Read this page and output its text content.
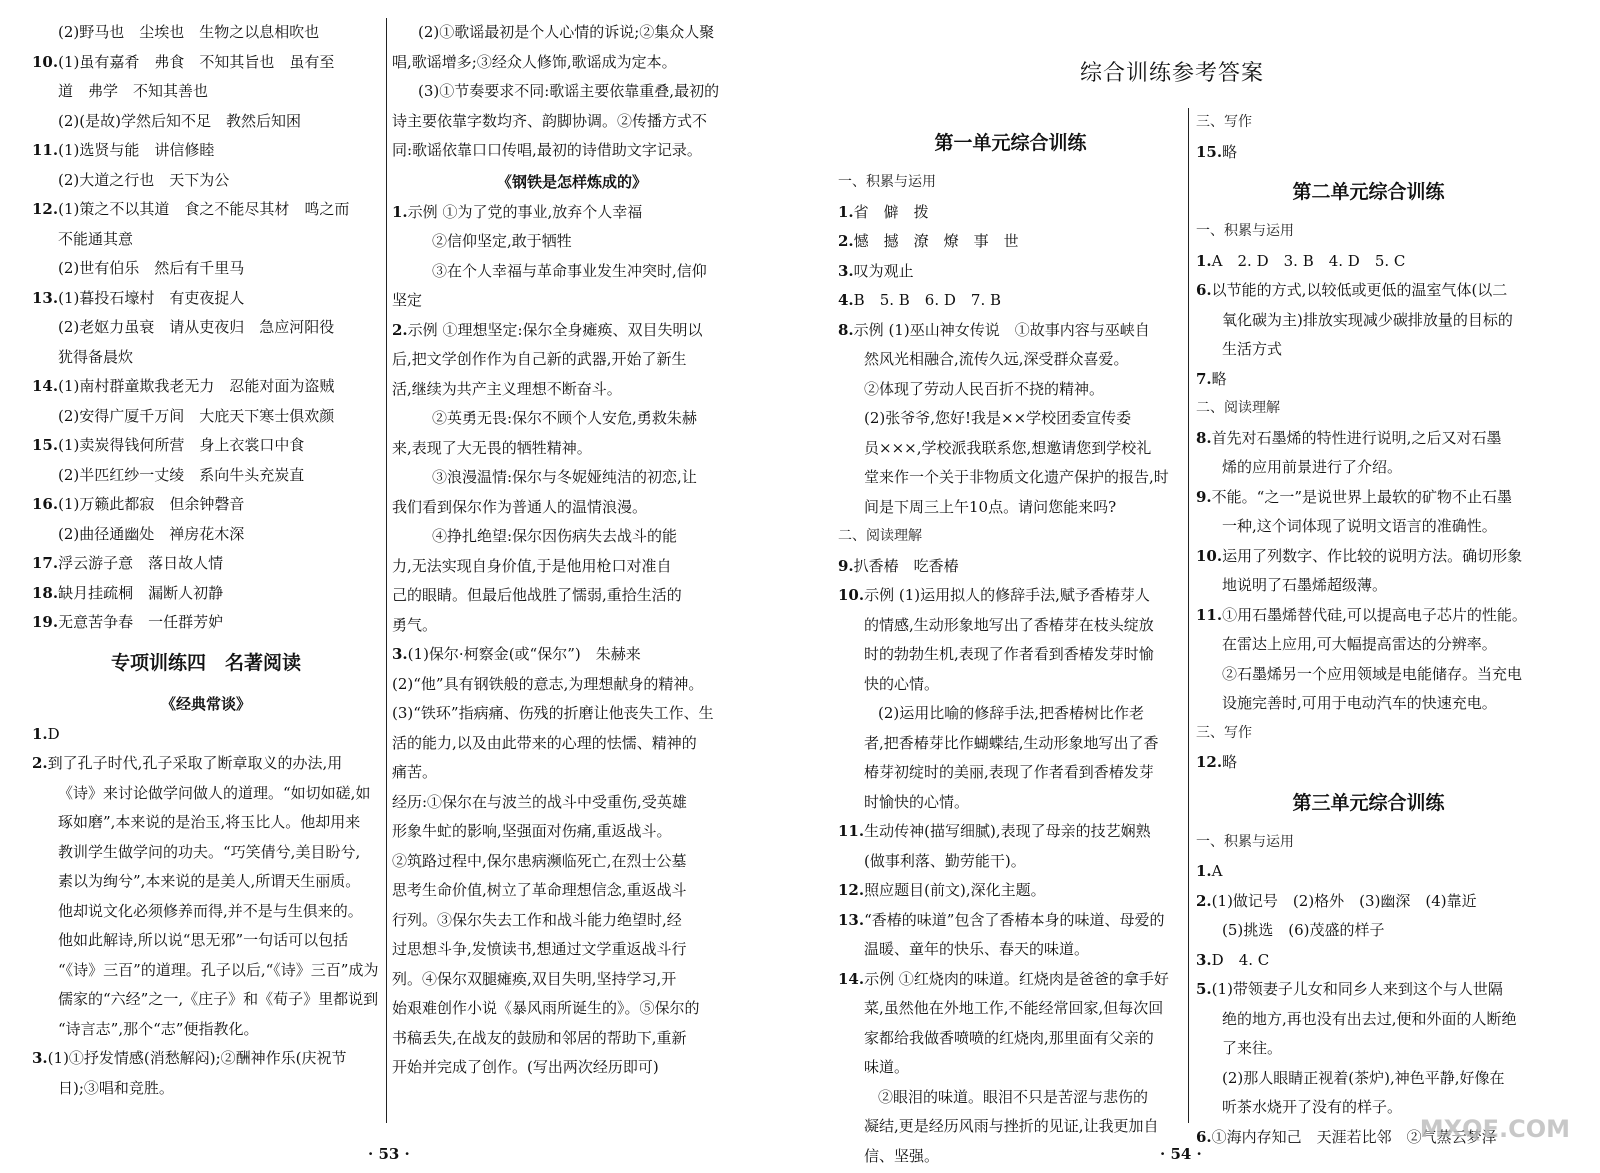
综合训练参考答案
(2)野马也　尘埃也　生物之以息相吹也
10.(1)虽有嘉肴　弗食　不知其旨也　虽有至
道　弗学　不知其善也
(2)(是故)学然后知不足　教然后知困
11.(1)选贤与能　讲信修睦
(2)大道之行也　天下为公
12.(1)策之不以其道　食之不能尽其材　鸣之而
不能通其意
(2)世有伯乐　然后有千里马
13.(1)暮投石壕村　有吏夜捉人
(2)老妪力虽衰　请从吏夜归　急应河阳役
犹得备晨炊
14.(1)南村群童欺我老无力　忍能对面为盗贼
(2)安得广厦千万间　大庇天下寒士俱欢颜
15.(1)卖炭得钱何所营　身上衣裳口中食
(2)半匹红纱一丈绫　系向牛头充炭直
16.(1)万籁此都寂　但余钟磬音
(2)曲径通幽处　禅房花木深
17.浮云游子意　落日故人情
18.缺月挂疏桐　漏断人初静
19.无意苦争春　一任群芳妒
专项训练四　名著阅读
《经典常谈》
1.D
2.到了孔子时代,孔子采取了断章取义的办法,用
《诗》来讨论做学问做人的道理。“如切如磋,如
琢如磨”,本来说的是治玉,将玉比人。他却用来
教训学生做学问的功夫。“巧笑倩兮,美目盼兮,
素以为绚兮”,本来说的是美人,所谓天生丽质。
他却说文化必须修养而得,并不是与生俱来的。
他如此解诗,所以说“思无邪”一句话可以包括
“《诗》三百”的道理。孔子以后,“《诗》三百”成为
儒家的“六经”之一,《庄子》和《荀子》里都说到
“诗言志”,那个“志”便指教化。
3.(1)①抒发情感(消愁解闷);②酬神作乐(庆祝节
日);③唱和竞胜。
(2)①歌谣最初是个人心情的诉说;②集众人聚
唱,歌谣增多;③经众人修饰,歌谣成为定本。
(3)①节奏要求不同:歌谣主要依靠重叠,最初的
诗主要依靠字数均齐、韵脚协调。②传播方式不
同:歌谣依靠口口传唱,最初的诗借助文字记录。
《钢铁是怎样炼成的》
1.示例 ①为了党的事业,放弃个人幸福
②信仰坚定,敢于牺牲
③在个人幸福与革命事业发生冲突时,信仰
坚定
2.示例 ①理想坚定:保尔全身瘫痪、双目失明以
后,把文学创作作为自己新的武器,开始了新生
活,继续为共产主义理想不断奋斗。
②英勇无畏:保尔不顾个人安危,勇救朱赫
来,表现了大无畏的牺牲精神。
③浪漫温情:保尔与冬妮娅纯洁的初恋,让
我们看到保尔作为普通人的温情浪漫。
④挣扎绝望:保尔因伤病失去战斗的能
力,无法实现自身价值,于是他用枪口对准自
己的眼睛。但最后他战胜了懦弱,重拾生活的
勇气。
3.(1)保尔·柯察金(或“保尔”)　朱赫来
(2)“他”具有钢铁般的意志,为理想献身的精神。
(3)“铁环”指病痛、伤残的折磨让他丧失工作、生
活的能力,以及由此带来的心理的怯懦、精神的
痛苦。
经历:①保尔在与波兰的战斗中受重伤,受英雄
形象牛虻的影响,坚强面对伤痛,重返战斗。
②筑路过程中,保尔患病濒临死亡,在烈士公墓
思考生命价值,树立了革命理想信念,重返战斗
行列。③保尔失去工作和战斗能力绝望时,经
过思想斗争,发愤读书,想通过文学重返战斗行
列。④保尔双腿瘫痪,双目失明,坚持学习,开
始艰难创作小说《暴风雨所诞生的》。⑤保尔的
书稿丢失,在战友的鼓励和邻居的帮助下,重新
开始并完成了创作。(写出两次经历即可)
第一单元综合训练
一、积累与运用
1.省　僻　拨
2.憾　撼　潦　燎　事　世
3.叹为观止
4.B　5. B　6. D　7. B
8.示例 (1)巫山神女传说　①故事内容与巫峡自
然风光相融合,流传久远,深受群众喜爱。
②体现了劳动人民百折不挠的精神。
(2)张爷爷,您好!我是××学校团委宣传委
员×××,学校派我联系您,想邀请您到学校礼
堂来作一个关于非物质文化遗产保护的报告,时
间是下周三上午10点。请问您能来吗?
二、阅读理解
9.扒香椿　吃香椿
10.示例 (1)运用拟人的修辞手法,赋予香椿芽人
的情感,生动形象地写出了香椿芽在枝头绽放
时的勃勃生机,表现了作者看到香椿发芽时愉
快的心情。
(2)运用比喻的修辞手法,把香椿树比作老
者,把香椿芽比作蝴蝶结,生动形象地写出了香
椿芽初绽时的美丽,表现了作者看到香椿发芽
时愉快的心情。
11.生动传神(描写细腻),表现了母亲的技艺娴熟
(做事利落、勤劳能干)。
12.照应题目(前文),深化主题。
13.“香椿的味道”包含了香椿本身的味道、母爱的
温暖、童年的快乐、春天的味道。
14.示例 ①红烧肉的味道。红烧肉是爸爸的拿手好
菜,虽然他在外地工作,不能经常回家,但每次回
家都给我做香喷喷的红烧肉,那里面有父亲的
味道。
②眼泪的味道。眼泪不只是苦涩与悲伤的
凝结,更是经历风雨与挫折的见证,让我更加自
信、坚强。
三、写作
15.略
第二单元综合训练
一、积累与运用
1.A　2. D　3. B　4. D　5. C
6.以节能的方式,以较低或更低的温室气体(以二
氧化碳为主)排放实现减少碳排放量的目标的
生活方式
7.略
二、阅读理解
8.首先对石墨烯的特性进行说明,之后又对石墨
烯的应用前景进行了介绍。
9.不能。“之一”是说世界上最软的矿物不止石墨
一种,这个词体现了说明文语言的准确性。
10.运用了列数字、作比较的说明方法。确切形象
地说明了石墨烯超级薄。
11.①用石墨烯替代硅,可以提高电子芯片的性能。
在雷达上应用,可大幅提高雷达的分辨率。
②石墨烯另一个应用领域是电能储存。当充电
设施完善时,可用于电动汽车的快速充电。
三、写作
12.略
第三单元综合训练
一、积累与运用
1.A
2.(1)做记号　(2)格外　(3)幽深　(4)靠近
(5)挑选　(6)茂盛的样子
3.D　4. C
5.(1)带领妻子儿女和同乡人来到这个与人世隔
绝的地方,再也没有出去过,便和外面的人断绝
了来往。
(2)那人眼睛正视着(茶炉),神色平静,好像在
听茶水烧开了没有的样子。
6.①海内存知己　天涯若比邻　②气蒸云梦泽
· 53 ·	· 54 ·
MXQE.COM
